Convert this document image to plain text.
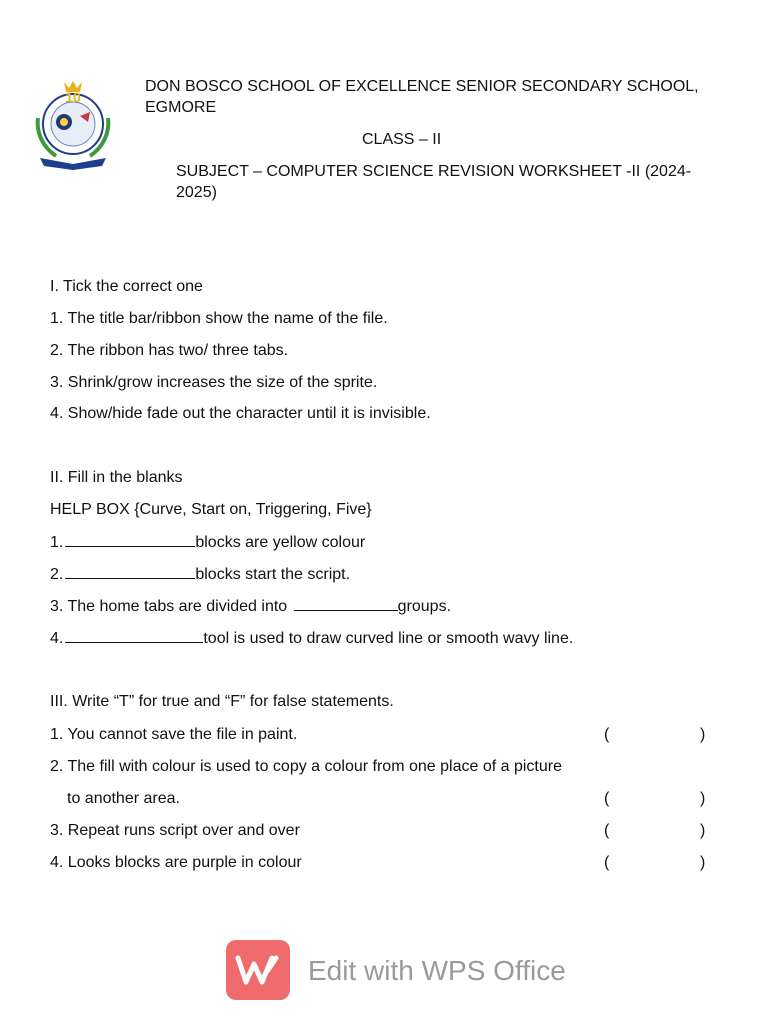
10
DON BOSCO SCHOOL OF EXCELLENCE SENIOR SECONDARY SCHOOL,
EGMORE
CLASS – II
SUBJECT – COMPUTER SCIENCE REVISION WORKSHEET -II (2024-
2025)
I. Tick the correct one
1. The title bar/ribbon show the name of the file.
2. The ribbon has two/ three tabs.
3. Shrink/grow increases the size of the sprite.
4. Show/hide fade out the character until it is invisible.
II. Fill in the blanks
HELP BOX {Curve, Start on, Triggering, Five}
1.	blocks are yellow colour
2.	blocks start the script.
3. The home tabs are divided into	groups.
4.	tool is used to draw curved line or smooth wavy line.
III. Write “T” for true and “F” for false statements.
1. You cannot save the file in paint.	(	)
2. The fill with colour is used to copy a colour from one place of a picture
to another area.	(	)
3. Repeat runs script over and over	(	)
4. Looks blocks are purple in colour	(	)
Edit with WPS Office
